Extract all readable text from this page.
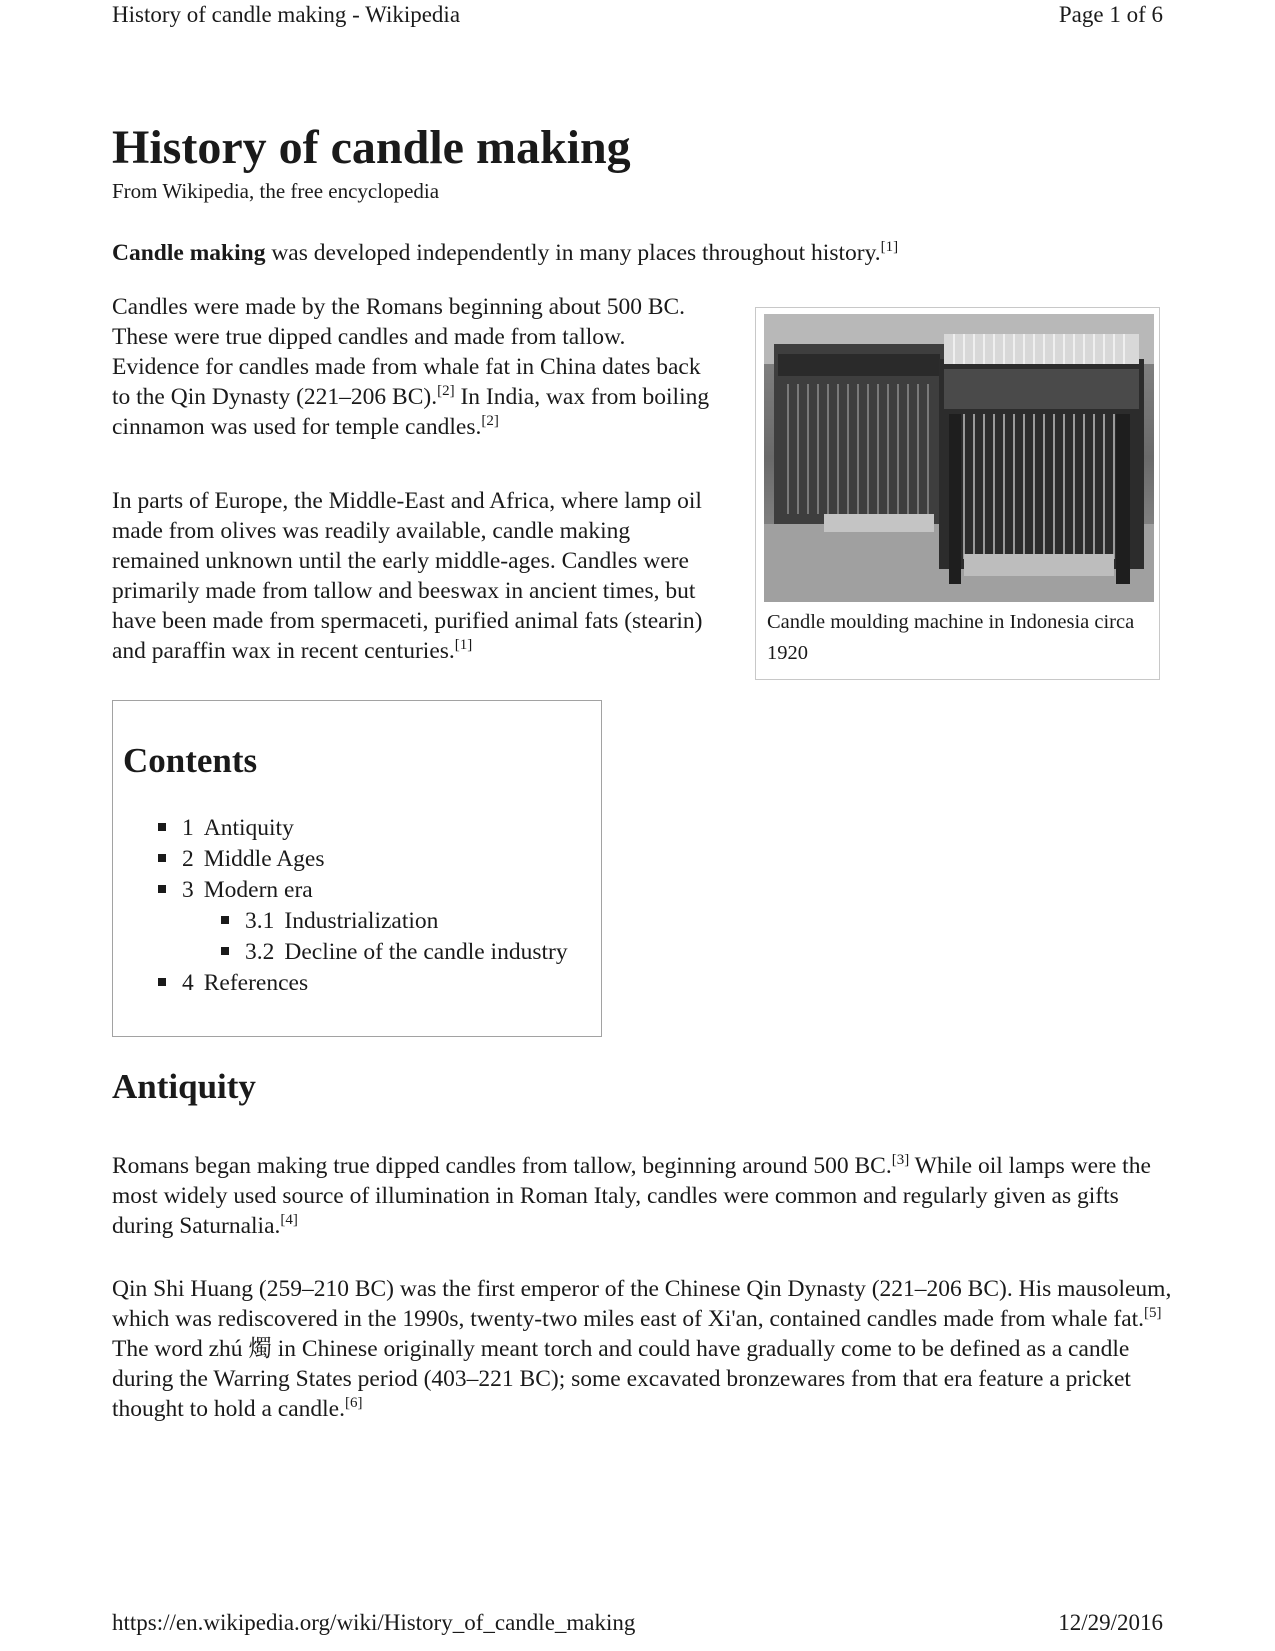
History of candle making - Wikipedia	Page 1 of 6
History of candle making
From Wikipedia, the free encyclopedia

Candle making was developed independently in many places throughout history.[1]

Candles were made by the Romans beginning about 500 BC. These were true dipped candles and made from tallow. Evidence for candles made from whale fat in China dates back to the Qin Dynasty (221–206 BC).[2] In India, wax from boiling cinnamon was used for temple candles.[2]

In parts of Europe, the Middle-East and Africa, where lamp oil made from olives was readily available, candle making remained unknown until the early middle-ages. Candles were primarily made from tallow and beeswax in ancient times, but have been made from spermaceti, purified animal fats (stearin) and paraffin wax in recent centuries.[1]

Candle moulding machine in Indonesia circa 1920
Contents
1 Antiquity
2 Middle Ages
3 Modern era
3.1 Industrialization
3.2 Decline of the candle industry
4 References
Antiquity

Romans began making true dipped candles from tallow, beginning around 500 BC.[3] While oil lamps were the most widely used source of illumination in Roman Italy, candles were common and regularly given as gifts during Saturnalia.[4]

Qin Shi Huang (259–210 BC) was the first emperor of the Chinese Qin Dynasty (221–206 BC). His mausoleum, which was rediscovered in the 1990s, twenty-two miles east of Xi'an, contained candles made from whale fat.[5] The word zhú 燭 in Chinese originally meant torch and could have gradually come to be defined as a candle during the Warring States period (403–221 BC); some excavated bronzewares from that era feature a pricket thought to hold a candle.[6]

https://en.wikipedia.org/wiki/History_of_candle_making	12/29/2016
